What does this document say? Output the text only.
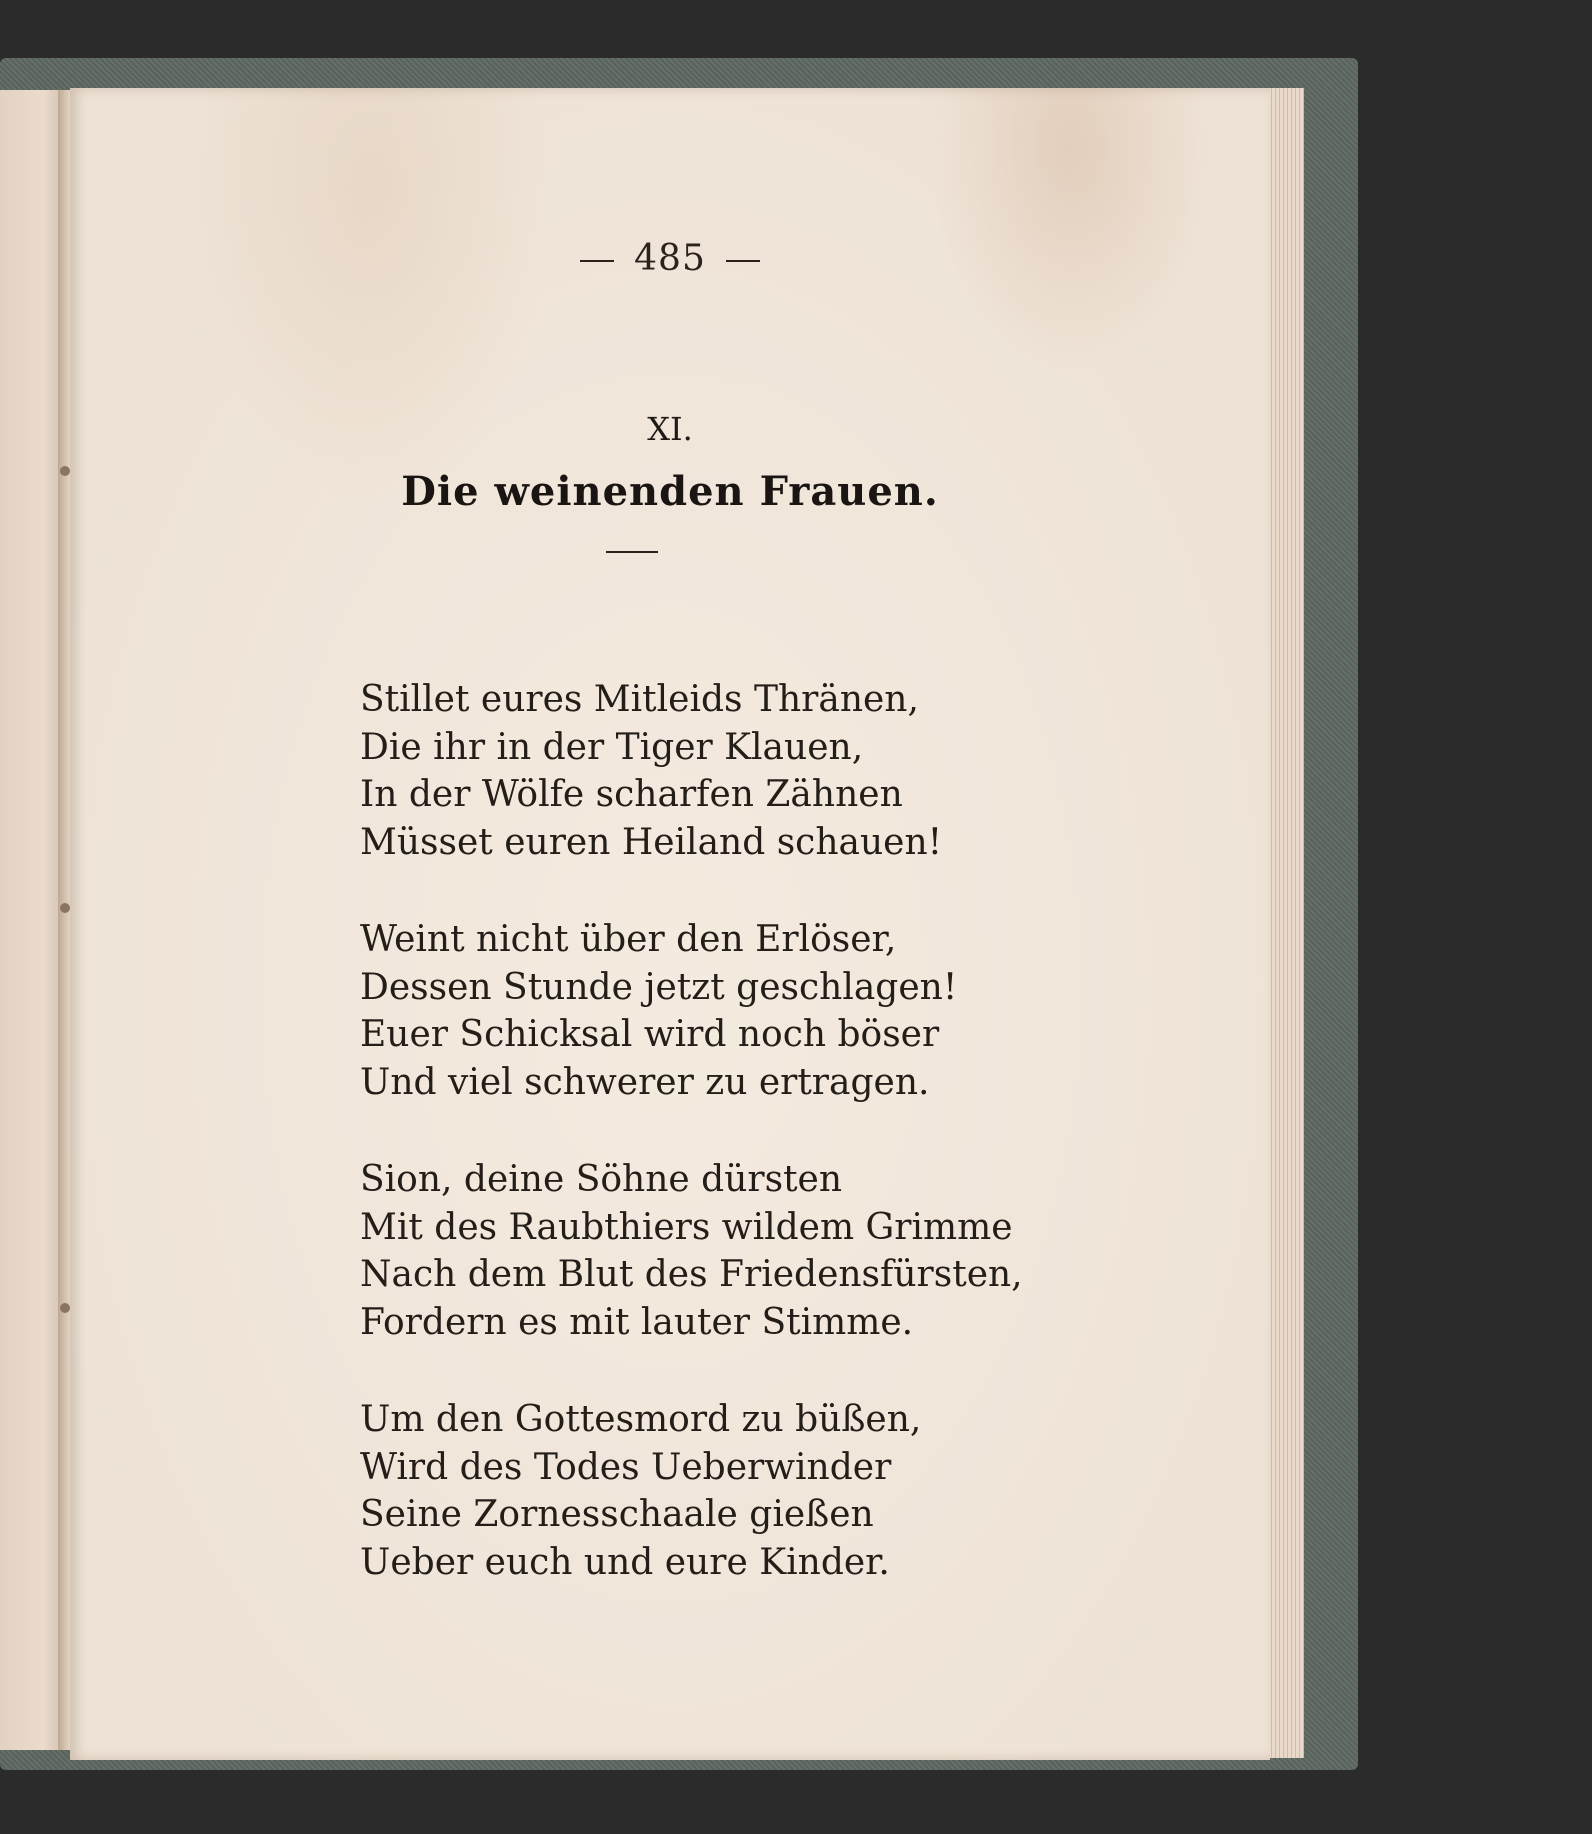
485
XI.
Die weinenden Frauen.
Stillet eures Mitleids Thränen,
Die ihr in der Tiger Klauen,
In der Wölfe scharfen Zähnen
Müsset euren Heiland schauen!
Weint nicht über den Erlöser,
Dessen Stunde jetzt geschlagen!
Euer Schicksal wird noch böser
Und viel schwerer zu ertragen.
Sion, deine Söhne dürsten
Mit des Raubthiers wildem Grimme
Nach dem Blut des Friedensfürsten,
Fordern es mit lauter Stimme.
Um den Gottesmord zu büßen,
Wird des Todes Ueberwinder
Seine Zornesschaale gießen
Ueber euch und eure Kinder.
